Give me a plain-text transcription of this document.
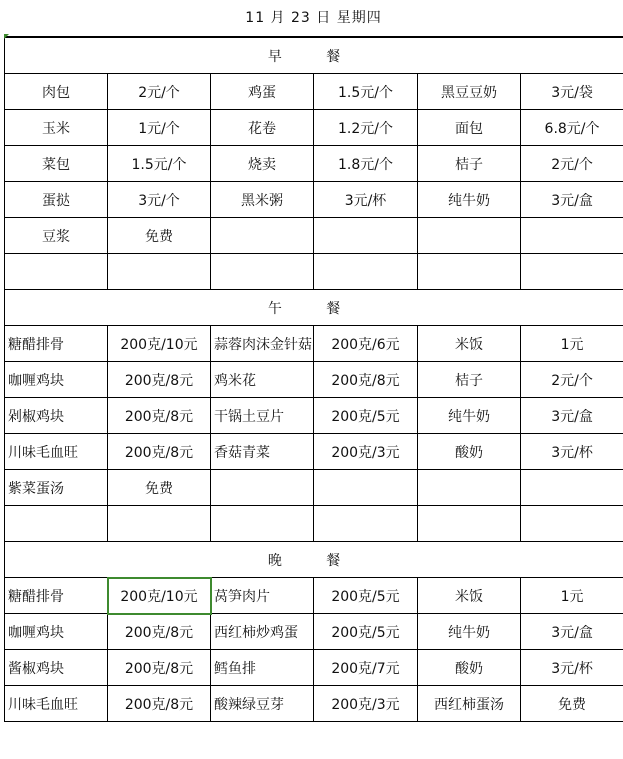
11 月 23 日 星期四
早 餐					
肉包	2元/个	鸡蛋	1.5元/个	黑豆豆奶	3元/袋
玉米	1元/个	花卷	1.2元/个	面包	6.8元/个
菜包	1.5元/个	烧卖	1.8元/个	桔子	2元/个
蛋挞	3元/个	黑米粥	3元/杯	纯牛奶	3元/盒
豆浆	免费				

午 餐					
糖醋排骨	200克/10元	蒜蓉肉沫金针菇	200克/6元	米饭	1元
咖喱鸡块	200克/8元	鸡米花	200克/8元	桔子	2元/个
剁椒鸡块	200克/8元	干锅土豆片	200克/5元	纯牛奶	3元/盒
川味毛血旺	200克/8元	香菇青菜	200克/3元	酸奶	3元/杯
紫菜蛋汤	免费				

晚 餐					
糖醋排骨	200克/10元	莴笋肉片	200克/5元	米饭	1元
咖喱鸡块	200克/8元	西红柿炒鸡蛋	200克/5元	纯牛奶	3元/盒
酱椒鸡块	200克/8元	鳕鱼排	200克/7元	酸奶	3元/杯
川味毛血旺	200克/8元	酸辣绿豆芽	200克/3元	西红柿蛋汤	免费
